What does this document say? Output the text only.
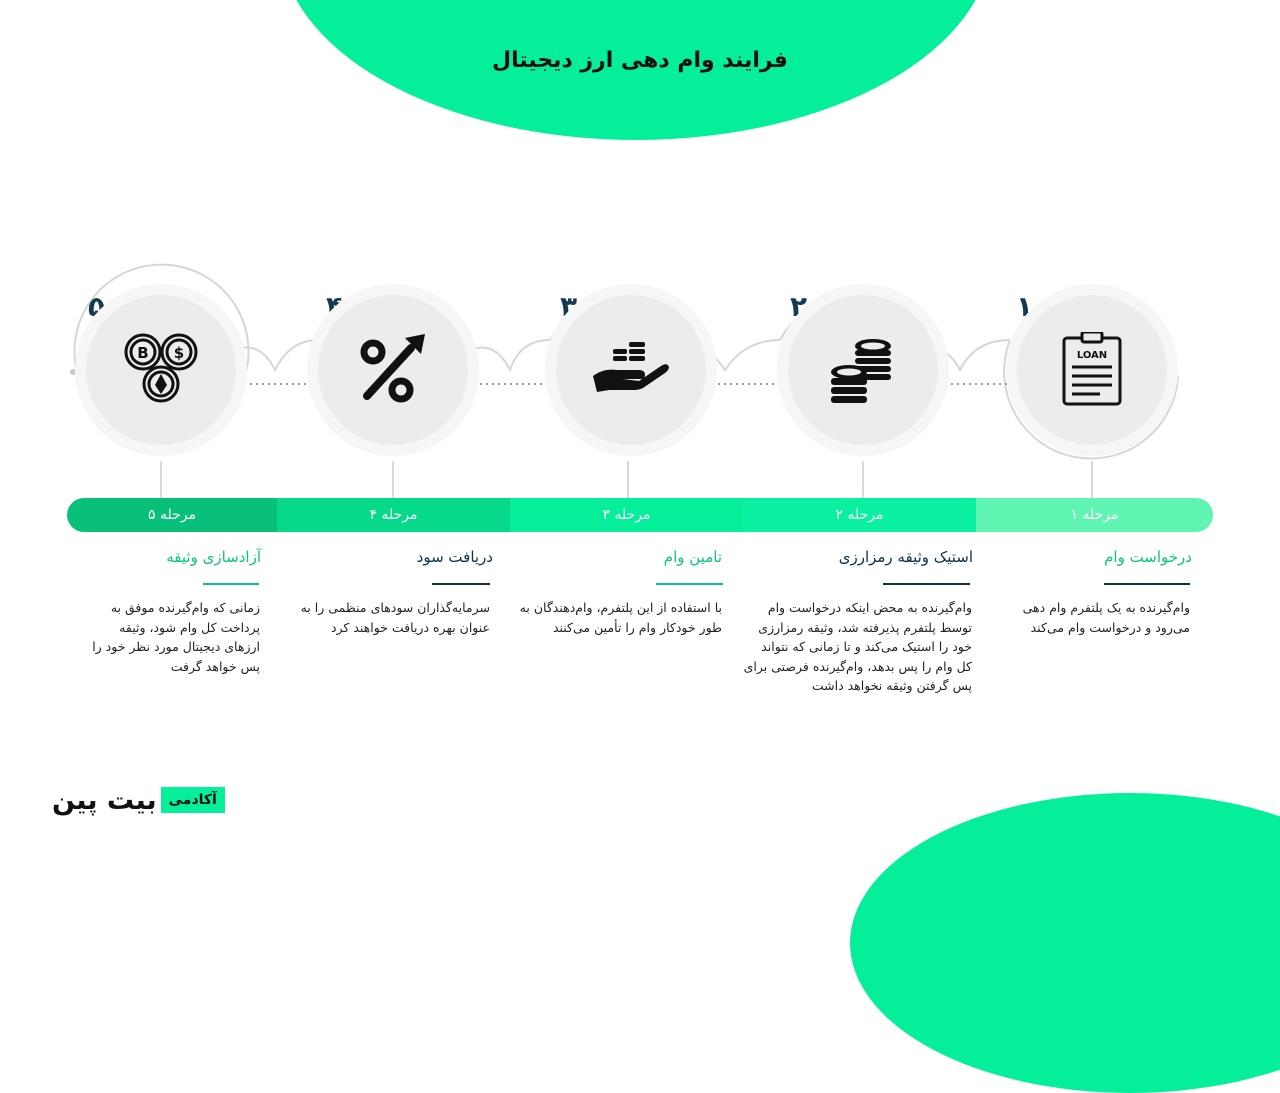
فرایند وام دهی ارز دیجیتال
۱
LOAN
۲
۳
۴
۵
B $
مرحله ۱
مرحله ۲
مرحله ۳
مرحله ۴
مرحله ۵
درخواست وام
استیک وثیقه رمزارزی
تامین وام
دریافت سود
آزادسازی وثیقه
وام‌گیرنده به یک پلتفرم وام دهی می‌رود و درخواست وام می‌کند
وام‌گیرنده به محض اینکه درخواست وام توسط پلتفرم پذیرفته شد، وثیقه رمزارزی خود را استیک می‌کند و تا زمانی که نتواند کل وام را پس بدهد، وام‌گیرنده فرصتی برای پس گرفتن وثیقه نخواهد داشت
با استفاده از این پلتفرم، وام‌دهندگان به طور خودکار وام را تأمین می‌کنند
سرمایه‌گذاران سودهای منظمی را به عنوان بهره دریافت خواهند کرد
زمانی که وام‌گیرنده موفق به پرداخت کل وام شود، وثیقه ارزهای دیجیتال مورد نظر خود را پس خواهد گرفت
بیت پین آکادمی
